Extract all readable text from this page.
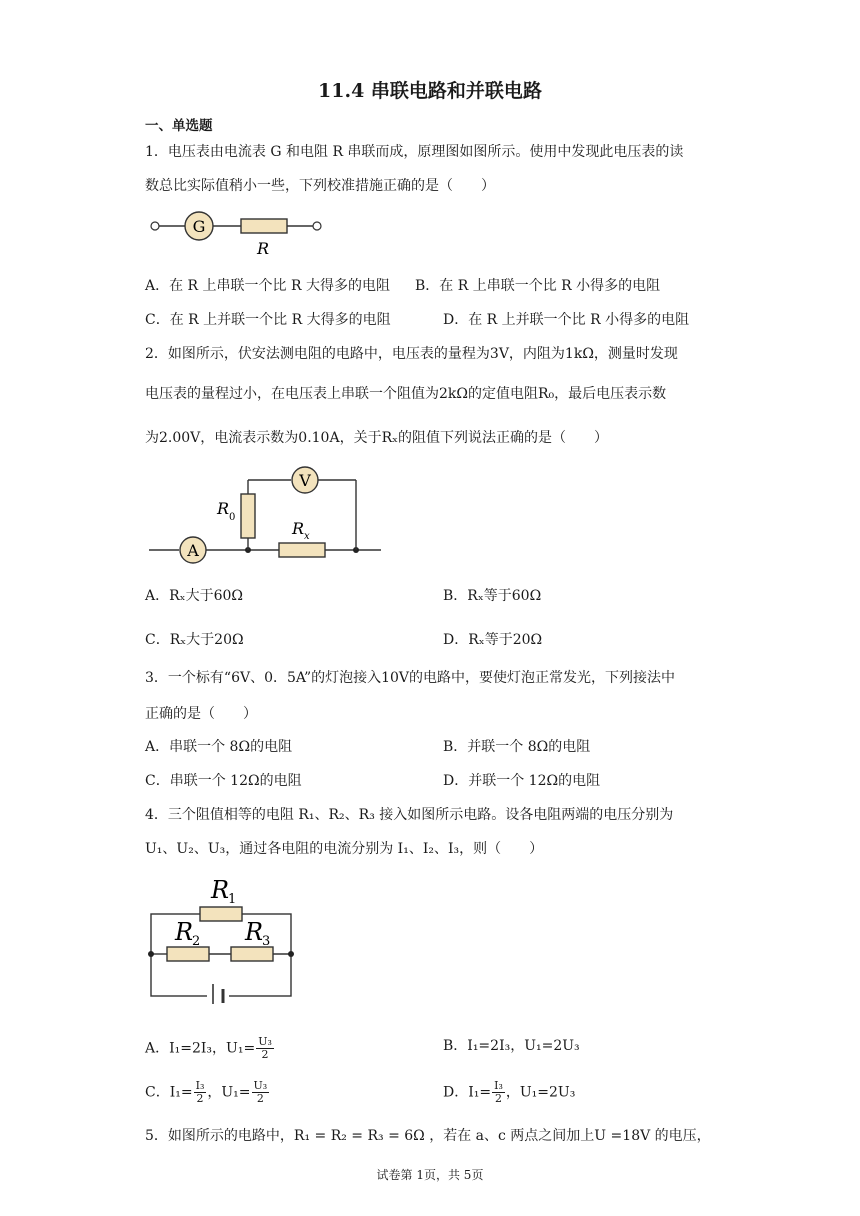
11.4 串联电路和并联电路
一、单选题
1．电压表由电流表 G 和电阻 R 串联而成，原理图如图所示。使用中发现此电压表的读
数总比实际值稍小一些，下列校准措施正确的是（　　）
G
R
A．在 R 上串联一个比 R 大得多的电阻 B．在 R 上串联一个比 R 小得多的电阻
C．在 R 上并联一个比 R 大得多的电阻	D．在 R 上并联一个比 R 小得多的电阻
2．如图所示，伏安法测电阻的电路中，电压表的量程为3V，内阻为1kΩ，测量时发现
电压表的量程过小，在电压表上串联一个阻值为2kΩ的定值电阻R₀，最后电压表示数
为2.00V，电流表示数为0.10A，关于Rₓ的阻值下列说法正确的是（　　）
A
V
R 0
R x
A．Rₓ大于60Ω	B．Rₓ等于60Ω
C．Rₓ大于20Ω	D．Rₓ等于20Ω
3．一个标有“6V、0．5A”的灯泡接入10V的电路中，要使灯泡正常发光，下列接法中
正确的是（　　）
A．串联一个 8Ω的电阻	B．并联一个 8Ω的电阻
C．串联一个 12Ω的电阻	D．并联一个 12Ω的电阻
4．三个阻值相等的电阻 R₁、R₂、R₃ 接入如图所示电路。设各电阻两端的电压分别为
U₁、U₂、U₃，通过各电阻的电流分别为 I₁、I₂、I₃，则（　　）
R
1
R
2 R
3
A．I₁=2I₃，$U_1= \frac{\text{U₃}}{2}$	B．I₁=2I₃，U₁=2U₃
C．$I_1= \frac{\text{I₃}}{2}$ ，$U_1= \frac{\text{U₃}}{2}$	D．$I_1= \frac{\text{I₃}}{2}$ ，U₁=2U₃
5．如图所示的电路中，R₁ = R₂ = R₃ = 6Ω ，若在 a、c 两点之间加上U =18V 的电压，
试卷第 1页，共 5页
